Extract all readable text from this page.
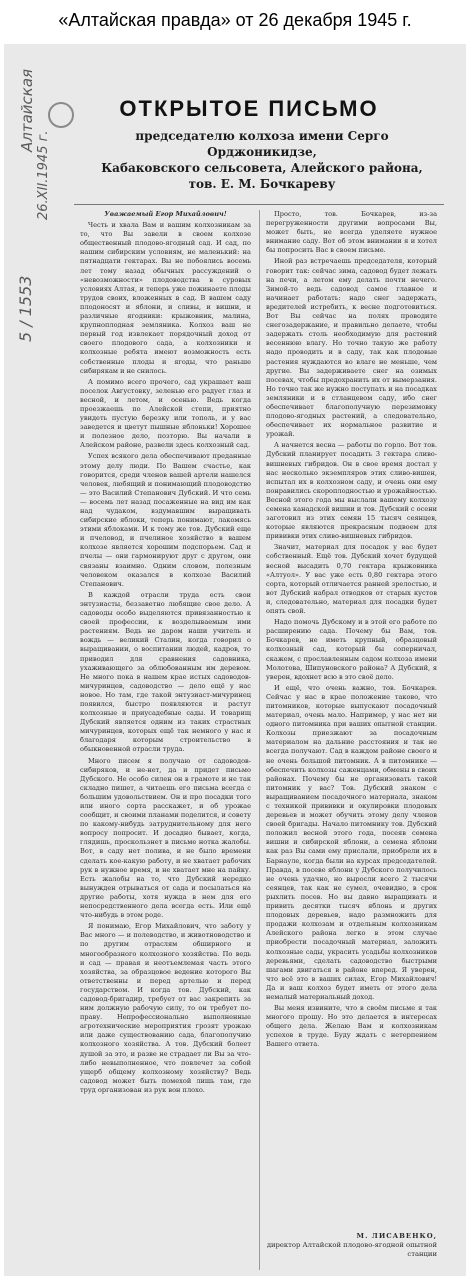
«Алтайская правда» от 26 декабря 1945 г.
Алтайская
26.XII.1945 г.
5 / 1553
ОТКРЫТОЕ ПИСЬМО
председателю колхоза имени Серго Орджоникидзе,
Кабаковского сельсовета, Алейского района,
тов. Е. М. Бочкареву
Уважаемый Егор Михайлович!

Честь и хвала Вам и вашим колхозникам за то, что Вы завели в своем колхозе общественный плодово-ягодный сад. И сад, по нашим сибирским условиям, не маленький: на пятнадцати гектарах. Вы не побоялись восемь лет тому назад обычных рассуждений о «невозможности» плодоводства в суровых условиях Алтая, и теперь уже пожинаете плоды трудов своих, вложенных в сад. В вашем саду плодоносят и яблони, и сливы, и вишни, и различные ягодники: крыжовник, малина, крупноплодная земляника. Колхоз ваш не первый год извлекает порядочный доход от своего плодового сада, а колхозники и колхозные ребята имеют возможность есть собственные плоды и ягоды, что раньше сибирякам и не снилось.

А помимо всего прочего, сад украшает ваш поселок Августовку, зеленью его радует глаз и весной, и летом, и осенью. Ведь когда проезжаешь по Алейской степи, приятно увидеть пустую березку или тополь, и у вас заведется и цветут пышные яблоньки! Хорошее и полезное дело, позторю. Вы начали в Алейском районе, развели здесь колхозный сад.

Успех всякого дела обеспечивают преданные этому делу люди. По Вашем счастье, как говорится, среди членов вашей артели нашелся человек, любящий и понимающий плодоводство — это Василий Степанович Дубский. И что семь — восемь лет назад посаженные на вид им как над чудаком, вздумавшим выращивать сибирские яблоки, теперь понимают, лакомясь этими яблоками. И к тому же тов. Дубский еще и пчеловод, и пчелиное хозяйство в вашем колхозе является хорошим подспорьем. Сад и пчелы — они гармонируют друг с другом, они связаны взаимно. Одним словом, полезным человеком оказался в колхозе Василий Степанович.

В каждой отрасли труда есть свои энтузиасты, беззаветно любящие свое дело. А садоводы особо выделяются привязанностью к своей профессии, к возделываемым ими растениям. Ведь не даром наши учитель и вождь — великий Сталин, когда говорил о выращивании, о воспитании людей, кадров, то приводил для сравнения садовника, ухаживающего за облюбованным им деревом. Не много пока в нашем крае истых садоводов-мичуринцев, садоводство — дело ещё у нас новое. Но там, где такой энтузиаст-мичуринец появился, быстро появляются и растут колхозные и приусадебные сады. И товарищ Дубский является одним из таких страстных мичуринцев, которых ещё так немного у нас и благодаря которым строительство в обыкновенной отрасли труда.

Много писем я получаю от садоводов-сибиряков, и не-нет, да и придет письмо Дубского. Не особо силен он в грамоте и не так складно пишет, а читаешь его письма всегда с большим удовольствием. Он и про посадки того или иного сорта расскажет, и об урожае сообщит, и своими планами поделится, и совету по какому-нибудь затруднительному для него вопросу попросит. И досадно бывает, когда, глядишь, проскользнет в письме нотка жалобы. Вот, в саду нет полива, и не было времени сделать кое-какую работу, и не хватает рабочих рук в нужное время, и не хватает мне на пайку. Есть жалобы на то, что Дубский нередко вынужден отрываться от сада и посылаться на другие работы, хотя нужда в нем для его непосредственного дела всегда есть. Или ещё что-нибудь в этом роде.

Я понимаю, Егор Михайлович, что заботу у Вас много — и полеводство, и животноводство и по другим отраслям обширного и многообразного колхозного хозяйства. По ведь и сад — правая и неотъемлемая часть этого хозяйства, за образцовое ведение которого Вы ответственны и перед артелью и перед государством. И когда тов. Дубский, как садовод-бригадир, требует от вас закрепить за ним должную рабочую силу, то он требует по-праву. Непрофессионально выполненные агротехнические мероприятия грозят урожаю или даже существованию сада, благополучию колхозного хозяйства. А тов. Дубский болеет душой за это, и разве не страдает ли Вы за что-либо невыполненное, что повлечет за собой ущерб общему колхозному хозяйству? Ведь садовод может быть помехой лишь там, где труд организован из рук вон плохо.

Просто, тов. Бочкарев, из-за перегруженности другими вопросами Вы, может быть, не всегда уделяете нужное внимание саду. Вот об этом внимании я и хотел бы попросить Вас в своем письме.

Иной раз встречаешь председателя, который говорит так: сейчас зима, садовод будет лежать на печи, а летом ему делать почти нечего. Зимой-то ведь садовод самое главное и начинает работать: надо снег задержать, вредителей истребить, к весне подготовиться. Вот Вы сейчас на полях проводите снегозадержание, и правильно делаете, чтобы задержать столь необходимую для растений весеннюю влагу. Но точно такую же работу надо проводить и в саду, так как плодовые растения нуждаются во влаге не меньше, чем другие. Вы задерживаете снег на озимых посевах, чтобы предохранить их от вымерзания. Но точно так же нужно поступать и на посадках земляники и в стланцевом саду, ибо снег обеспечивает благополучную перезимовку плодово-ягодных растений, а следовательно, обеспечивает их нормальное развитие и урожай.

А начнется весна — работы по горло. Вот тов. Дубский планирует посадить 3 гектара сливо-вишневых гибридов. Он в свое время достал у нас несколько экземпляров этих сливо-вишен, испытал их в колхозном саду, и очень они ему понравились скороплодностью и урожайностью. Весной этого года мы выслали вашему колхозу семена канадской вишни и тов. Дубский с осени заготовил из этих семян 15 тысяч сеянцев, которые являются прекрасным подвоем для прививки этих сливо-вишневых гибридов.

Значит, материал для посадок у вас будет собственный. Ещё тов. Дубский хочет будущей весной высадить 0,70 гектара крыжовника «Алтуол». У вас уже есть 0,80 гектара этого сорта, который отличается ранней зрелостью, и вот Дубский набрал отводков от старых кустов и, следовательно, материал для посадки будет опять свой.

Надо помочь Дубскому и в этой его работе по расширению сада. Почему бы Вам, тов. Бочкарев, не иметь крупный, образцовый колхозный сад, который бы соперничал, скажем, с прославленным садом колхоза имени Молотова, Шипуновского района? А Дубский, я уверен, вдохнет всю в это своё дело.

И ещё, что очень важно, тов. Бочкарев. Сейчас у нас в крае положение таково, что питомников, которые выпускают посадочный материал, очень мало. Например, у нас нет ни одного питомника при ваших опытной станции. Колхозы приезжают за посадочным материалом на дальние расстояния и так не всегда получают. Сад в каждом районе своего и не очень большой питомник. А в питомнике — обеспечить колхозы саженцами, обмены в своих районах. Почему бы не организовать такой питомник у вас? Тов. Дубский знаком с выращиванием посадочного материала, знаком с техникой прививки и окулировки плодовых деревьев и может обучить этому делу членов своей бригады. Начало питомнику тов. Дубский положил весной этого года, посеяв семена вишни и сибирской яблони, а семена яблони как раз Вы сами ему прислали, приобрели их в Барнауле, когда были на курсах председателей. Правда, в посеве яблони у Дубского получилось не очень удачно, но выросли всего 2 тысячи сеянцев, так как не сумел, очевидно, в срок рыхлить посев. Но вы давно выращивать и привить десятки тысяч яблонь и других плодовых деревьев, надо размножить для продажи колхозам и отдельным колхозникам Алейского района легко в этом случае приобрести посадочный материал, заложить колхозные сады, украсить усадьбы колхозников деревьями, сделать садоводство быстрыми шагами двигаться в районе вперед. Я уверен, что всё это в ваших силах, Егор Михайлович! Да и ваш колхоз будет иметь от этого дела немалый материальный доход.

Вы меня извините, что в своём письме я так многого прошу. Но это делается в интересах общего дела. Желаю Вам и колхозникам успехов в труде. Буду ждать с нетерпением Вашего ответа.

М. ЛИСАВЕНКО,
директор Алтайской плодово-ягодной опытной станции
